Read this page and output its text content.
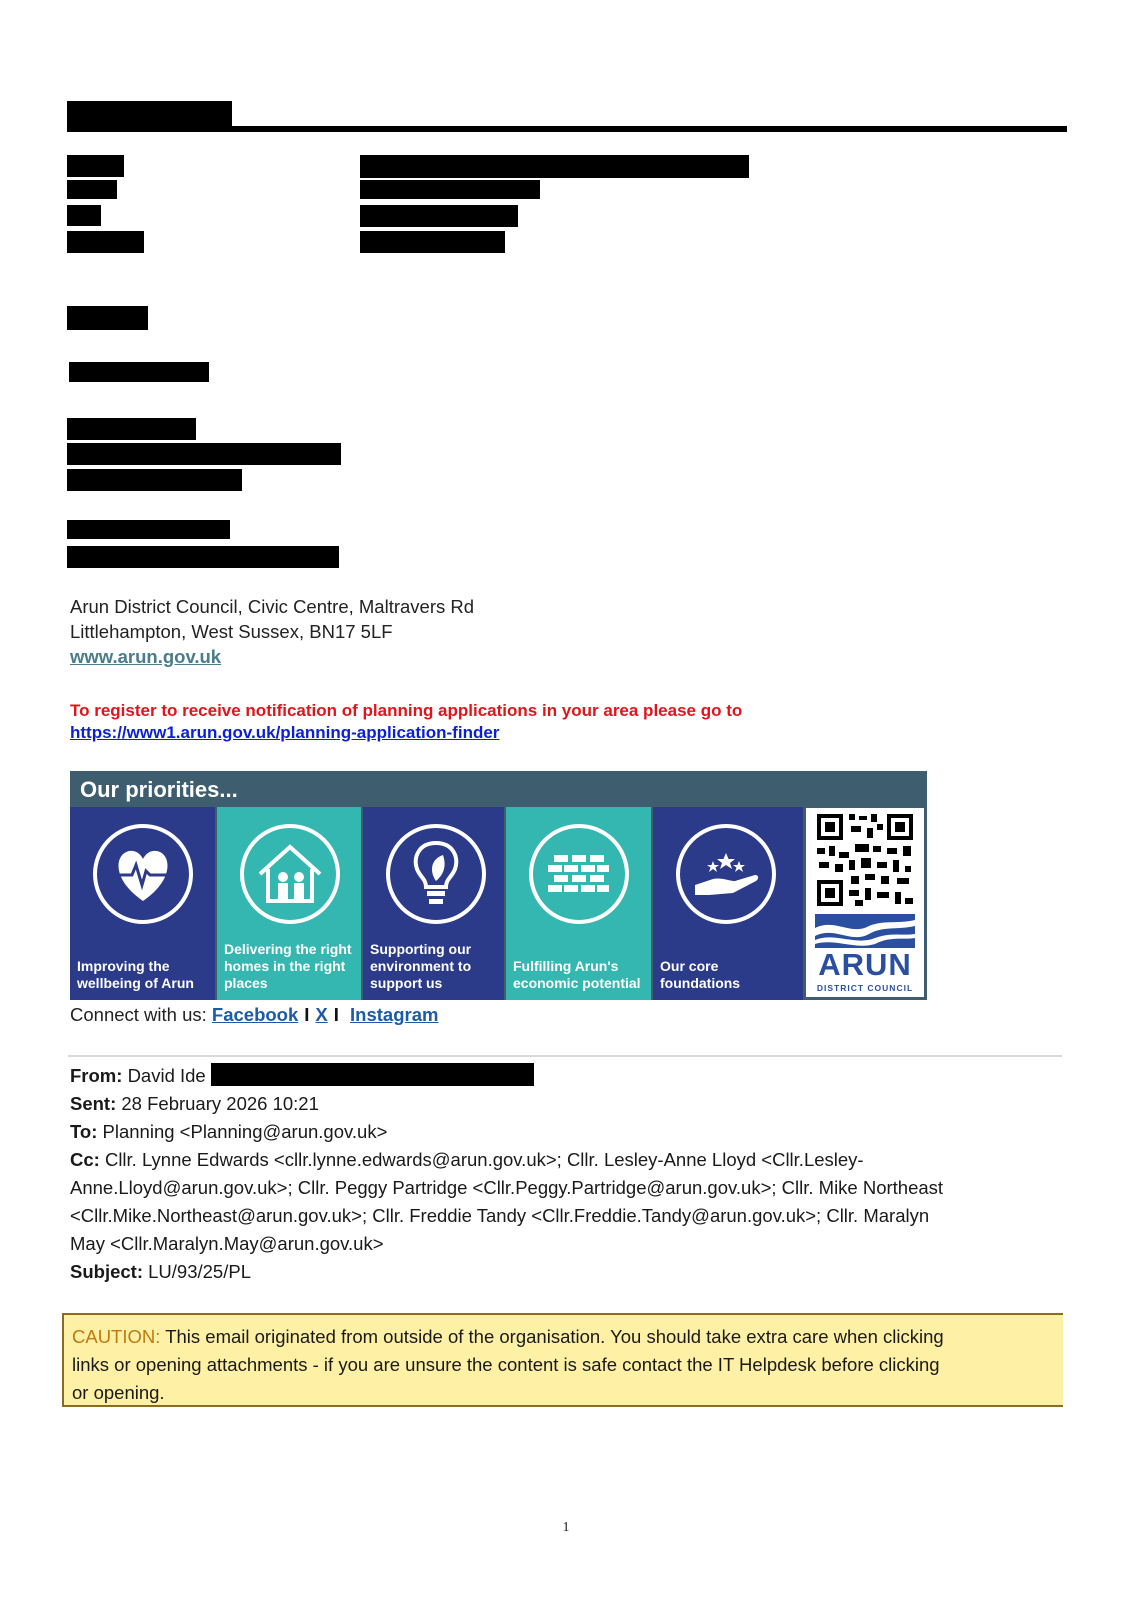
Arun District Council, Civic Centre, Maltravers Rd
Littlehampton, West Sussex, BN17 5LF
www.arun.gov.uk
To register to receive notification of planning applications in your area please go to
https://www1.arun.gov.uk/planning-application-finder
Our priorities...
Improving the wellbeing of Arun
Delivering the right homes in the right places
Supporting our environment to support us
Fulfilling Arun's economic potential
Our core foundations
ARUN
DISTRICT COUNCIL
Connect with us: Facebook I X I Instagram
From: David Ide
Sent: 28 February 2026 10:21
To: Planning <Planning@arun.gov.uk>
Cc: Cllr. Lynne Edwards <cllr.lynne.edwards@arun.gov.uk>; Cllr. Lesley-Anne Lloyd <Cllr.Lesley-
Anne.Lloyd@arun.gov.uk>; Cllr. Peggy Partridge <Cllr.Peggy.Partridge@arun.gov.uk>; Cllr. Mike Northeast
<Cllr.Mike.Northeast@arun.gov.uk>; Cllr. Freddie Tandy <Cllr.Freddie.Tandy@arun.gov.uk>; Cllr. Maralyn
May <Cllr.Maralyn.May@arun.gov.uk>
Subject: LU/93/25/PL
CAUTION: This email originated from outside of the organisation. You should take extra care when clicking
links or opening attachments - if you are unsure the content is safe contact the IT Helpdesk before clicking
or opening.
1
